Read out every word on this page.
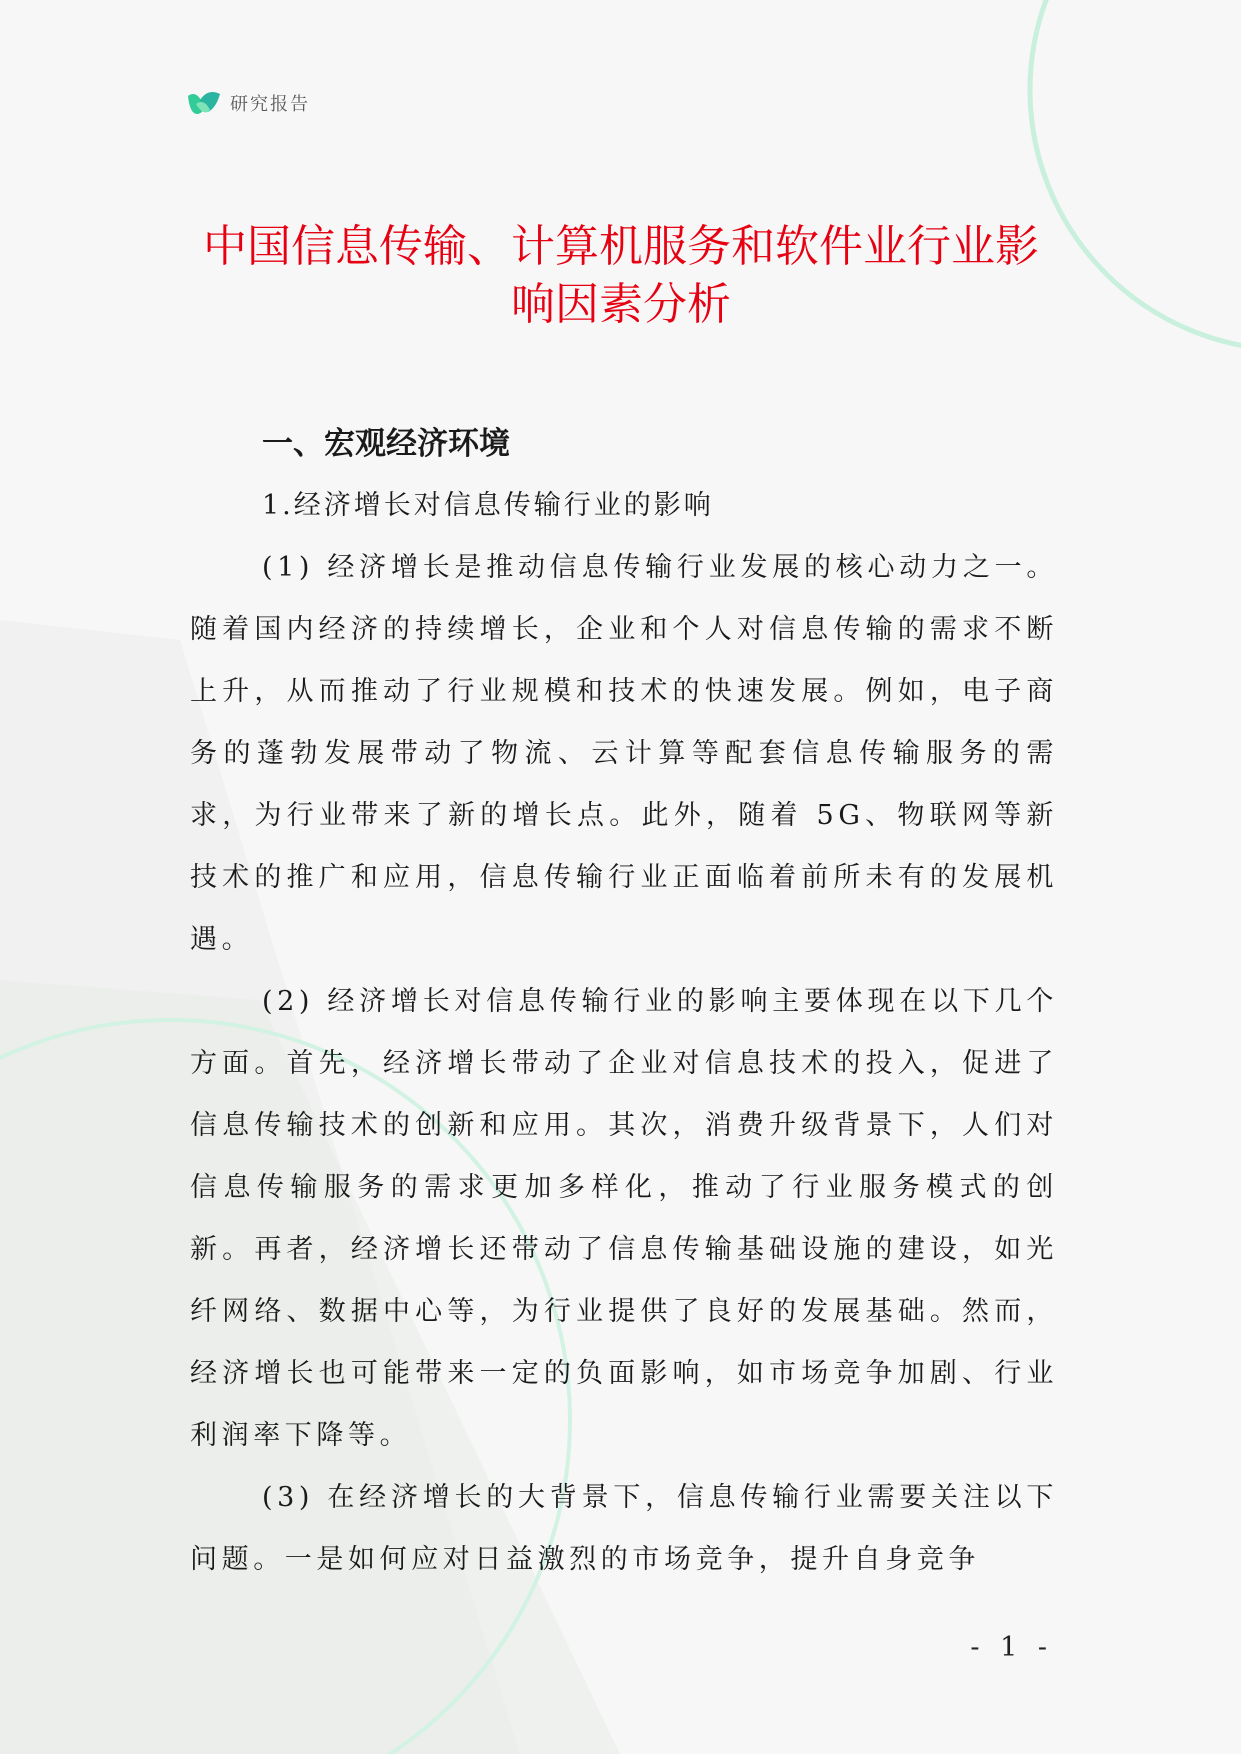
研究报告
中国信息传输、计算机服务和软件业行业影响因素分析

一、宏观经济环境

1.经济增长对信息传输行业的影响

(1) 经济增长是推动信息传输行业发展的核心动力之一。随着国内经济的持续增长，企业和个人对信息传输的需求不断上升，从而推动了行业规模和技术的快速发展。例如，电子商务的蓬勃发展带动了物流、云计算等配套信息传输服务的需求，为行业带来了新的增长点。此外，随着 5G、物联网等新技术的推广和应用，信息传输行业正面临着前所未有的发展机遇。

(2) 经济增长对信息传输行业的影响主要体现在以下几个方面。首先，经济增长带动了企业对信息技术的投入，促进了信息传输技术的创新和应用。其次，消费升级背景下，人们对信息传输服务的需求更加多样化，推动了行业服务模式的创新。再者，经济增长还带动了信息传输基础设施的建设，如光纤网络、数据中心等，为行业提供了良好的发展基础。然而，经济增长也可能带来一定的负面影响，如市场竞争加剧、行业利润率下降等。

(3) 在经济增长的大背景下，信息传输行业需要关注以下问题。一是如何应对日益激烈的市场竞争，提升自身竞争

- 1 -
